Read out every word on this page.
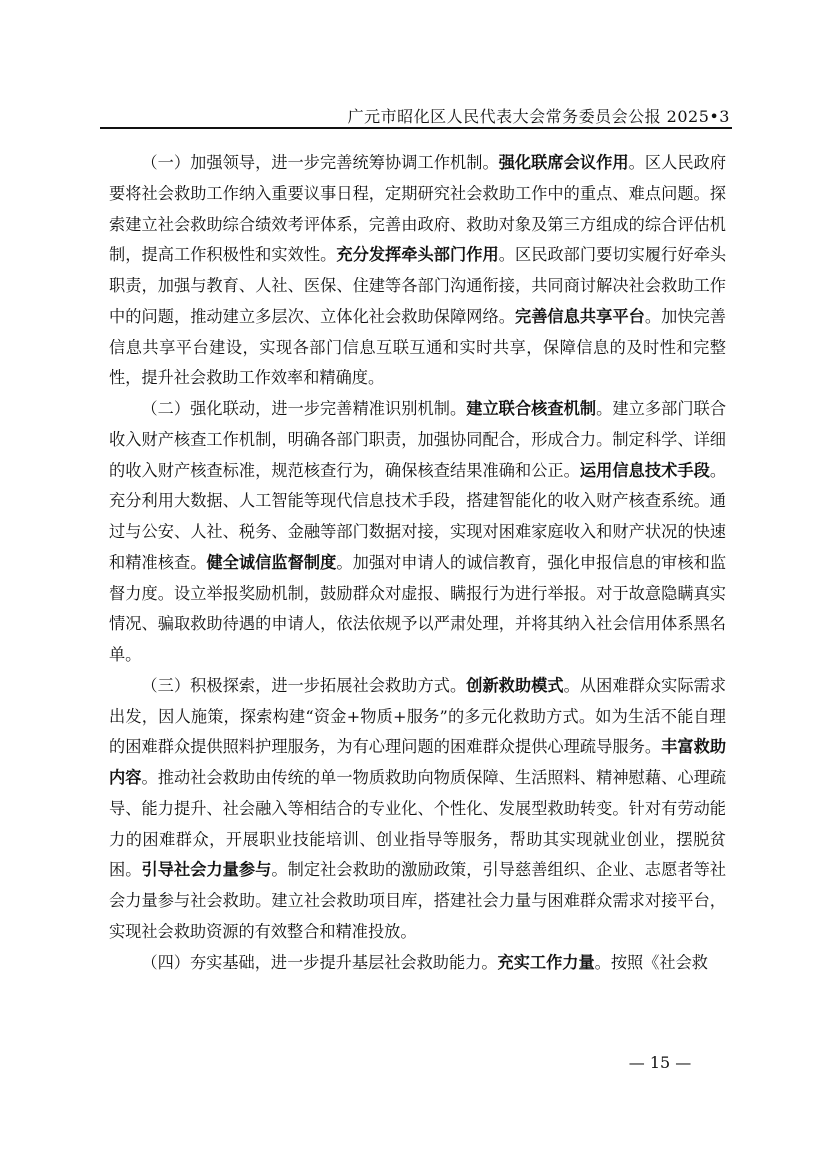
广元市昭化区人民代表大会常务委员会公报 2025•3

（一）加强领导，进一步完善统筹协调工作机制。强化联席会议作用。区人民政府要将社会救助工作纳入重要议事日程，定期研究社会救助工作中的重点、难点问题。探索建立社会救助综合绩效考评体系，完善由政府、救助对象及第三方组成的综合评估机制，提高工作积极性和实效性。充分发挥牵头部门作用。区民政部门要切实履行好牵头职责，加强与教育、人社、医保、住建等各部门沟通衔接，共同商讨解决社会救助工作中的问题，推动建立多层次、立体化社会救助保障网络。完善信息共享平台。加快完善信息共享平台建设，实现各部门信息互联互通和实时共享，保障信息的及时性和完整性，提升社会救助工作效率和精确度。

（二）强化联动，进一步完善精准识别机制。建立联合核查机制。建立多部门联合收入财产核查工作机制，明确各部门职责，加强协同配合，形成合力。制定科学、详细的收入财产核查标准，规范核查行为，确保核查结果准确和公正。运用信息技术手段。充分利用大数据、人工智能等现代信息技术手段，搭建智能化的收入财产核查系统。通过与公安、人社、税务、金融等部门数据对接，实现对困难家庭收入和财产状况的快速和精准核查。健全诚信监督制度。加强对申请人的诚信教育，强化申报信息的审核和监督力度。设立举报奖励机制，鼓励群众对虚报、瞒报行为进行举报。对于故意隐瞒真实情况、骗取救助待遇的申请人，依法依规予以严肃处理，并将其纳入社会信用体系黑名单。

（三）积极探索，进一步拓展社会救助方式。创新救助模式。从困难群众实际需求出发，因人施策，探索构建“资金+物质+服务”的多元化救助方式。如为生活不能自理的困难群众提供照料护理服务，为有心理问题的困难群众提供心理疏导服务。丰富救助内容。推动社会救助由传统的单一物质救助向物质保障、生活照料、精神慰藉、心理疏导、能力提升、社会融入等相结合的专业化、个性化、发展型救助转变。针对有劳动能力的困难群众，开展职业技能培训、创业指导等服务，帮助其实现就业创业，摆脱贫困。引导社会力量参与。制定社会救助的激励政策，引导慈善组织、企业、志愿者等社会力量参与社会救助。建立社会救助项目库，搭建社会力量与困难群众需求对接平台，实现社会救助资源的有效整合和精准投放。

（四）夯实基础，进一步提升基层社会救助能力。充实工作力量。按照《社会救

— 15 —
